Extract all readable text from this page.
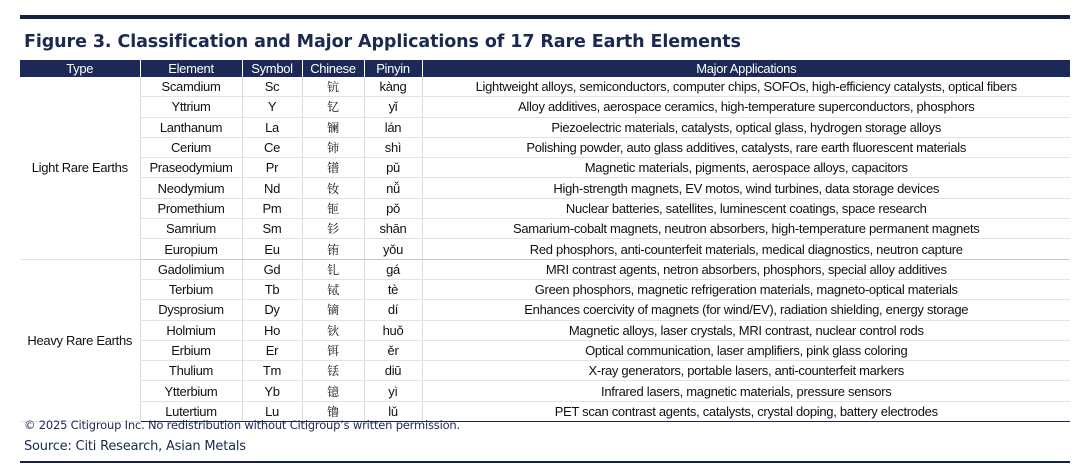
Figure 3. Classification and Major Applications of 17 Rare Earth Elements
Type	Element	Symbol	Chinese	Pinyin	Major Applications
Light Rare Earths	Scamdium	Sc	钪	kàng	Lightweight alloys, semiconductors, computer chips, SOFOs, high-efficiency catalysts, optical fibers
	Yttrium	Y	钇	yǐ	Alloy additives, aerospace ceramics, high-temperature superconductors, phosphors
	Lanthanum	La	镧	lán	Piezoelectric materials, catalysts, optical glass, hydrogen storage alloys
	Cerium	Ce	铈	shì	Polishing powder, auto glass additives, catalysts, rare earth fluorescent materials
	Praseodymium	Pr	镨	pǔ	Magnetic materials, pigments, aerospace alloys, capacitors
	Neodymium	Nd	钕	nǚ	High-strength magnets, EV motos, wind turbines, data storage devices
	Promethium	Pm	钷	pǒ	Nuclear batteries, satellites, luminescent coatings, space research
	Samrium	Sm	钐	shān	Samarium-cobalt magnets, neutron absorbers, high-temperature permanent magnets
	Europium	Eu	铕	yǒu	Red phosphors, anti-counterfeit materials, medical diagnostics, neutron capture
Heavy Rare Earths	Gadolimium	Gd	钆	gá	MRI contrast agents, netron absorbers, phosphors, special alloy additives
	Terbium	Tb	铽	tè	Green phosphors, magnetic refrigeration materials, magneto-optical materials
	Dysprosium	Dy	镝	dí	Enhances coercivity of magnets (for wind/EV), radiation shielding, energy storage
	Holmium	Ho	钬	huǒ	Magnetic alloys, laser crystals, MRI contrast, nuclear control rods
	Erbium	Er	铒	ěr	Optical communication, laser amplifiers, pink glass coloring
	Thulium	Tm	铥	diū	X-ray generators, portable lasers, anti-counterfeit markers
	Ytterbium	Yb	镱	yì	Infrared lasers, magnetic materials, pressure sensors
	Lutertium	Lu	镥	lǔ	PET scan contrast agents, catalysts, crystal doping, battery electrodes
© 2025 Citigroup Inc. No redistribution without Citigroup’s written permission.
Source: Citi Research, Asian Metals
